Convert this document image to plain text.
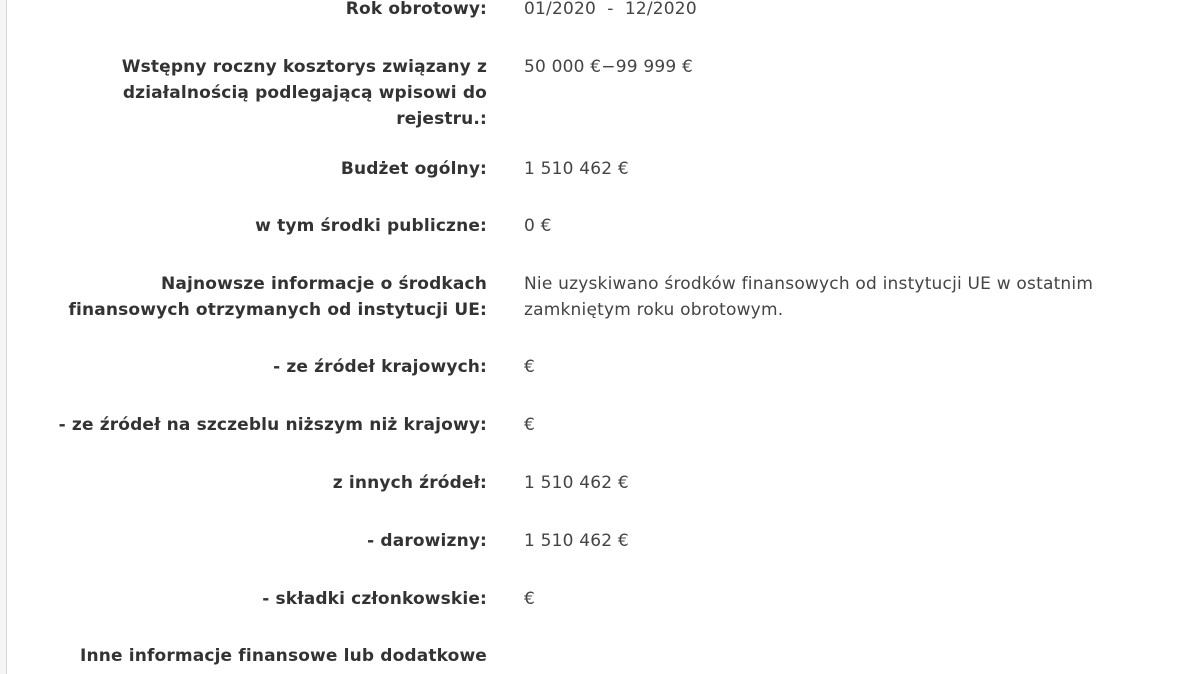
Rok obrotowy: 01/2020 - 12/2020
Wstępny roczny kosztorys związany z
działalnością podlegającą wpisowi do
rejestru.:
50 000 €−99 999 €
Budżet ogólny: 1 510 462 €
w tym środki publiczne: 0 €
Najnowsze informacje o środkach
finansowych otrzymanych od instytucji UE:
Nie uzyskiwano środków finansowych od instytucji UE w ostatnim
zamkniętym roku obrotowym.
- ze źródeł krajowych: €
- ze źródeł na szczeblu niższym niż krajowy: €
z innych źródeł: 1 510 462 €
- darowizny: 1 510 462 €
- składki członkowskie: €
Inne informacje finansowe lub dodatkowe
